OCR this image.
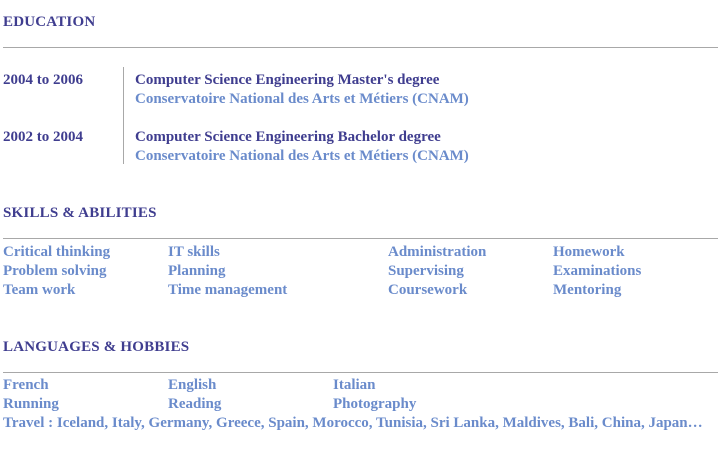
EDUCATION
2004 to 2006	Computer Science Engineering Master's degree
Conservatoire National des Arts et Métiers (CNAM)
2002 to 2004	Computer Science Engineering Bachelor degree
Conservatoire National des Arts et Métiers (CNAM)
SKILLS & ABILITIES
Critical thinking
Problem solving
Team work
IT skills
Planning
Time management
Administration
Supervising
Coursework
Homework
Examinations
Mentoring
LANGUAGES & HOBBIES
French
Running
English
Reading
Italian
Photography

Travel : Iceland, Italy, Germany, Greece, Spain, Morocco, Tunisia, Sri Lanka, Maldives, Bali, China, Japan…
